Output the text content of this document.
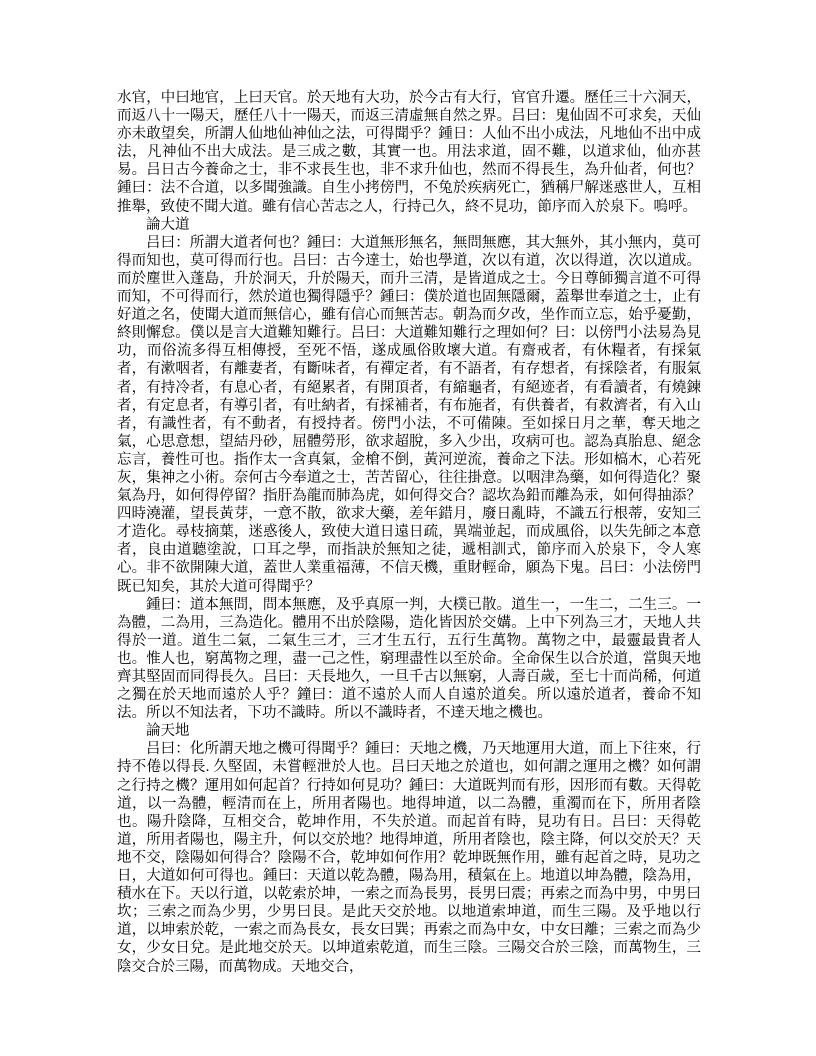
水官，中曰地官，上曰天官。於天地有大功，於今古有大行，官官升遷。歷任三十六洞天，而返八十一陽天，歷任八十一陽天，而返三清虛無自然之界。吕曰：鬼仙固不可求矣，天仙亦未敢望矣，所謂人仙地仙神仙之法，可得聞乎？鍾日：人仙不出小成法，凡地仙不出中成法，凡神仙不出大成法。是三成之數，其實一也。用法求道，固不難，以道求仙，仙亦甚易。吕日古今養命之士，非不求長生也，非不求升仙也，然而不得長生，為升仙者，何也？鍾曰：法不合道，以多聞強識。自生小拷傍門，不兔於疾病死亡，猶稱尸解迷惑世人，互相推舉，致使不聞大道。雖有信心苦志之人，行持己久，終不見功，節序而入於泉下。嗚呼。

論大道

吕曰：所謂大道者何也？鍾曰：大道無形無名，無問無應，其大無外，其小無内，莫可得而知也，莫可得而行也。吕曰：古今達士，始也學道，次以有道，次以得道，次以道成。而於塵世入蓬島，升於洞天，升於陽天，而升三清，是皆道成之士。今日尊師獨言道不可得而知，不可得而行，然於道也獨得隱乎？鍾曰：僕於道也固無隱爾，蓋舉世奉道之士，止有好道之名，使聞大道而無信心，雖有信心而無苦志。朝為而夕改，坐作而立忘，始乎憂勤，終則懈怠。僕以是言大道難知難行。吕曰：大道難知難行之理如何？曰：以傍門小法易為見功，而俗流多得互相傳授，至死不悟，遂成風俗敗壞大道。有齋戒者，有休糧者，有採氣者，有漱咽者，有離妻者，有斷味者，有禪定者，有不語者，有存想者，有採陰者，有服氣者，有持冷者，有息心者，有絕累者，有開頂者，有縮龜者，有絕迹者，有看讀者，有燒鍊者，有定息者，有導引者，有吐納者，有採補者，有布施者，有供養者，有救濟者，有入山者，有識性者，有不動者，有授持者。傍門小法，不可備陳。至如採日月之華，奪天地之氣，心思意想，望結丹砂，屈體勞形，欲求超脫，多入少出，攻病可也。認為真胎息、絕念忘言，養性可也。指作太一含真氣，金槍不倒，黃河逆流，養命之下法。形如槁木，心若死灰，集神之小術。奈何古今奉道之士，苦苦留心，往往掛意。以咽津為藥，如何得造化？聚氣為丹，如何得停留？指肝為龍而肺為虎，如何得交合？認坎為鉛而離為汞，如何得抽添？四時澆灌，望長黃芽，一意不散，欲求大藥，差年錯月，廢日亂時，不識五行根蒂，安知三才造化。尋枝摘葉，迷惑後人，致使大道日遠日疏，異端並起，而成風俗，以失先師之本意者，良由道聽塗說，口耳之學，而指訣於無知之徒，遞相訓式，節序而入於泉下，令人寒心。非不欲開陳大道，蓋世人業重福薄，不信天機，重財輕命，願為下鬼。吕曰：小法傍門既已知矣，其於大道可得聞乎？

鍾曰：道本無問，問本無應，及乎真原一判，大樸已散。道生一，一生二，二生三。一為體，二為用，三為造化。體用不出於陰陽，造化皆因於交媾。上中下列為三才，天地人共得於一道。道生二氣，二氣生三才，三才生五行，五行生萬物。萬物之中，最靈最貴者人也。惟人也，窮萬物之理，盡一己之性，窮理盡性以至於命。全命保生以合於道，當與天地齊其堅固而同得長久。吕曰：天長地久，一旦千古以無窮，人壽百歲，至七十而尚稀，何道之獨在於天地而遠於人乎？鐘曰：道不遠於人而人自遠於道矣。所以遠於道者，養命不知法。所以不知法者，下功不識時。所以不識時者，不達天地之機也。

論天地

吕曰：化所謂天地之機可得聞乎？鍾曰：天地之機，乃天地運用大道，而上下往來，行持不倦以得長. 久堅固，未嘗輕泄於人也。吕曰天地之於道也，如何謂之運用之機？如何謂之行持之機？運用如何起首？行持如何見功？鍾曰：大道既判而有形，因形而有數。天得乾道，以一為體，輕清而在上，所用者陽也。地得坤道，以二為體，重濁而在下，所用者陰也。陽升陰降，互相交合，乾坤作用，不失於道。而起首有時，見功有日。吕曰：天得乾道，所用者陽也，陽主升，何以交於地？地得坤道，所用者陰也，陰主降，何以交於天？天地不交，陰陽如何得合？陰陽不合，乾坤如何作用？乾坤既無作用，雖有起首之時，見功之日，大道如何可得也。鍾曰：天道以乾為體，陽為用，積氣在上。地道以坤為體，陰為用，積水在下。天以行道，以乾索於坤，一索之而為長男，長男曰震；再索之而為中男，中男曰坎；三索之而為少男，少男曰艮。是此天交於地。以地道索坤道，而生三陽。及乎地以行道，以坤索於乾，一索之而為長女，長女曰巽；再索之而為中女，中女曰離；三索之而為少女，少女日兌。是此地交於天。以坤道索乾道，而生三陰。三陽交合於三陰，而萬物生，三陰交合於三陽，而萬物成。天地交合，
